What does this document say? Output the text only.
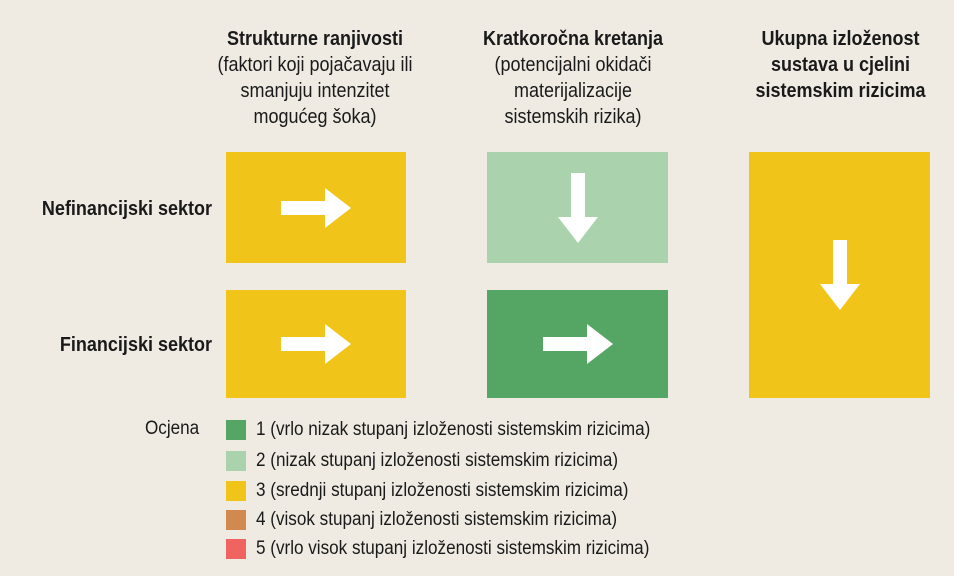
Strukturne ranjivosti
(faktori koji pojačavaju ili
smanjuju intenzitet
mogućeg šoka)
Kratkoročna kretanja
(potencijalni okidači
materijalizacije
sistemskih rizika)
Ukupna izloženost
sustava u cjelini
sistemskim rizicima
Nefinancijski sektor
Financijski sektor
Ocjena	1 (vrlo nizak stupanj izloženosti sistemskim rizicima)
2 (nizak stupanj izloženosti sistemskim rizicima)
3 (srednji stupanj izloženosti sistemskim rizicima)
4 (visok stupanj izloženosti sistemskim rizicima)
5 (vrlo visok stupanj izloženosti sistemskim rizicima)
